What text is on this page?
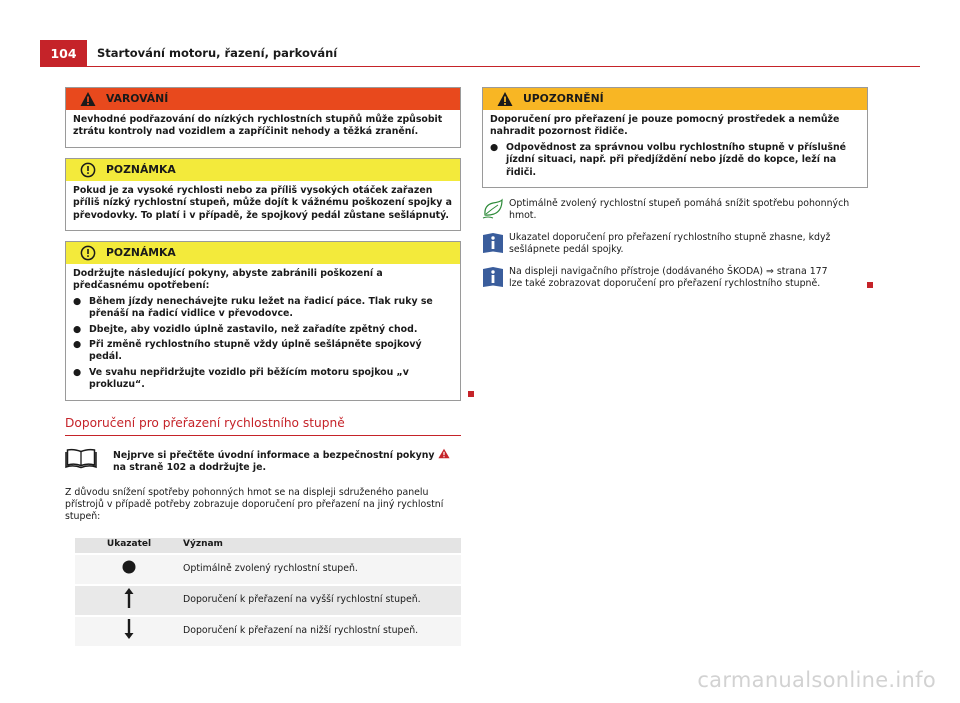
104	Startování motoru, řazení, parkování
VAROVÁNÍ

Nevhodné podřazování do nízkých rychlostních stupňů může způsobit ztrátu kontroly nad vozidlem a zapříčinit nehody a těžká zranění.

POZNÁMKA

Pokud je za vysoké rychlosti nebo za příliš vysokých otáček zařazen příliš nízký rychlostní stupeň, může dojít k vážnému poškození spojky a převodovky. To platí i v případě, že spojkový pedál zůstane sešlápnutý.

POZNÁMKA

Dodržujte následující pokyny, abyste zabránili poškození a předčasnému opotřebení:

● Během jízdy nenechávejte ruku ležet na řadicí páce. Tlak ruky se přenáší na řadicí vidlice v převodovce.
● Dbejte, aby vozidlo úplně zastavilo, než zařadíte zpětný chod.
● Při změně rychlostního stupně vždy úplně sešlápněte spojkový pedál.
● Ve svahu nepřidržujte vozidlo při běžícím motoru spojkou „v prokluzu“.
Doporučení pro přeřazení rychlostního stupně
Nejprve si přečtěte úvodní informace a bezpečnostní pokyny  na straně 102 a dodržujte je.

Z důvodu snížení spotřeby pohonných hmot se na displeji sdruženého panelu přístrojů v případě potřeby zobrazuje doporučení pro přeřazení na jiný rychlostní stupeň:

Ukazatel	Význam

	Optimálně zvolený rychlostní stupeň.

	Doporučení k přeřazení na vyšší rychlostní stupeň.

	Doporučení k přeřazení na nižší rychlostní stupeň.
UPOZORNĚNÍ

Doporučení pro přeřazení je pouze pomocný prostředek a nemůže nahradit pozornost řidiče.

● Odpovědnost za správnou volbu rychlostního stupně v příslušné jízdní situaci, např. při předjíždění nebo jízdě do kopce, leží na řidiči.
Optimálně zvolený rychlostní stupeň pomáhá snížit spotřebu pohonných hmot.
Ukazatel doporučení pro přeřazení rychlostního stupně zhasne, když sešlápnete pedál spojky.
Na displeji navigačního přístroje (dodávaného ŠKODA) ⇒ strana 177 lze také zobrazovat doporučení pro přeřazení rychlostního stupně.
carmanualsonline.info
